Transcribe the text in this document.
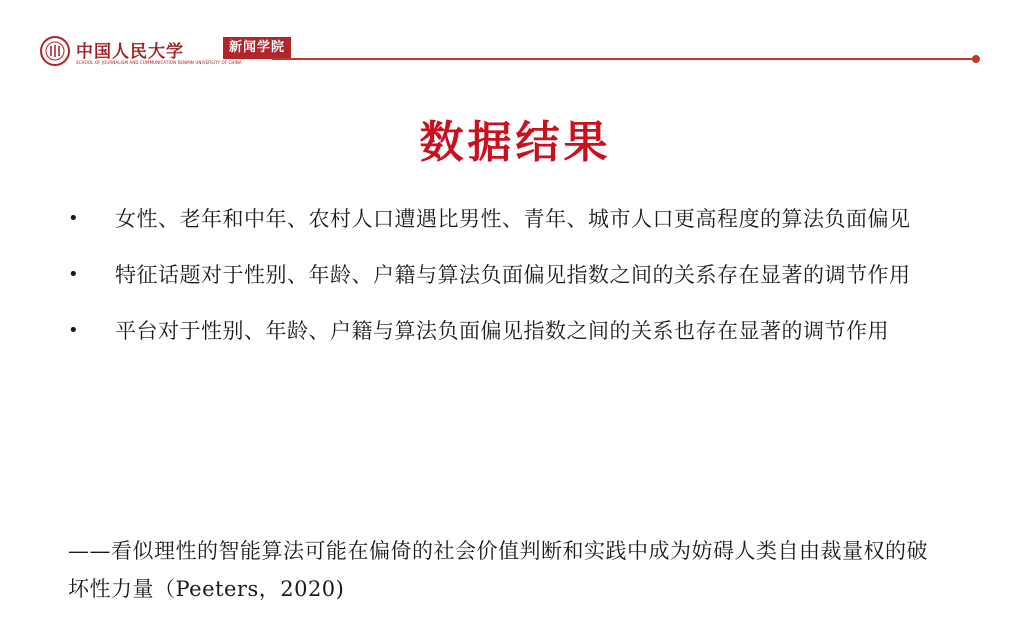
中国人民大学	新闻学院
SCHOOL OF JOURNALISM AND COMMUNICATION RENMIN UNIVERSITY OF CHINA
数据结果
• 女性、老年和中年、农村人口遭遇比男性、青年、城市人口更高程度的算法负面偏见
• 特征话题对于性别、年龄、户籍与算法负面偏见指数之间的关系存在显著的调节作用
• 平台对于性别、年龄、户籍与算法负面偏见指数之间的关系也存在显著的调节作用
——看似理性的智能算法可能在偏倚的社会价值判断和实践中成为妨碍人类自由裁量权的破坏性力量（Peeters，2020)
